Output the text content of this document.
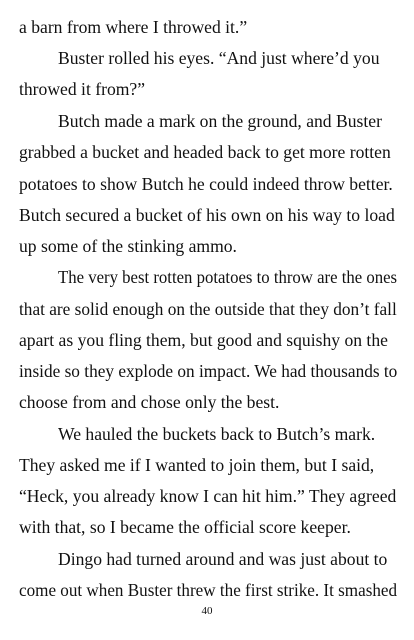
a barn from where I throwed it.”
Buster rolled his eyes. “And just where’d you
throwed it from?”
Butch made a mark on the ground, and Buster
grabbed a bucket and headed back to get more rotten
potatoes to show Butch he could indeed throw better.
Butch secured a bucket of his own on his way to load
up some of the stinking ammo.
The very best rotten potatoes to throw are the ones
that are solid enough on the outside that they don’t fall
apart as you fling them, but good and squishy on the
inside so they explode on impact. We had thousands to
choose from and chose only the best.
We hauled the buckets back to Butch’s mark.
They asked me if I wanted to join them, but I said,
“Heck, you already know I can hit him.” They agreed
with that, so I became the official score keeper.
Dingo had turned around and was just about to
come out when Buster threw the first strike. It smashed
40
